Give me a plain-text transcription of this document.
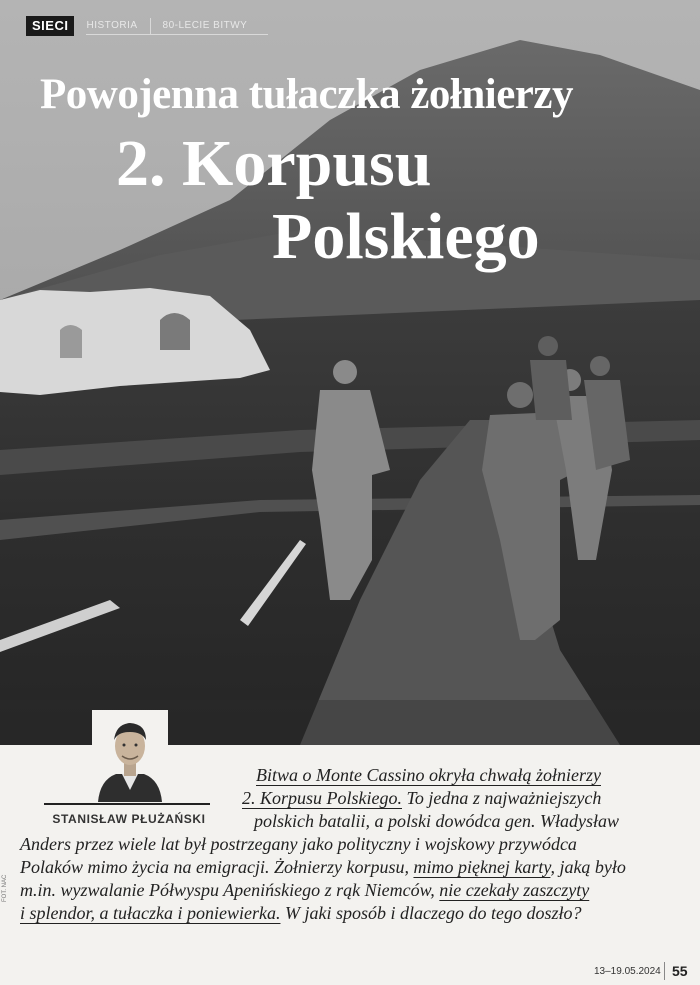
SIECI	HISTORIA	80-LECIE BITWY
Powojenna tułaczka żołnierzy
2. Korpusu
Polskiego
STANISŁAW PŁUŻAŃSKI
Bitwa o Monte Cassino okryła chwałą żołnierzy
2. Korpusu Polskiego. To jedna z najważniejszych
polskich batalii, a polski dowódca gen. Władysław
Anders przez wiele lat był postrzegany jako polityczny i wojskowy przywódca
Polaków mimo życia na emigracji. Żołnierzy korpusu, mimo pięknej karty, jaką było
m.in. wyzwalanie Półwyspu Apenińskiego z rąk Niemców, nie czekały zaszczyty
i splendor, a tułaczka i poniewierka. W jaki sposób i dlaczego do tego doszło?
FOT. NAC
13–19.05.2024 55
